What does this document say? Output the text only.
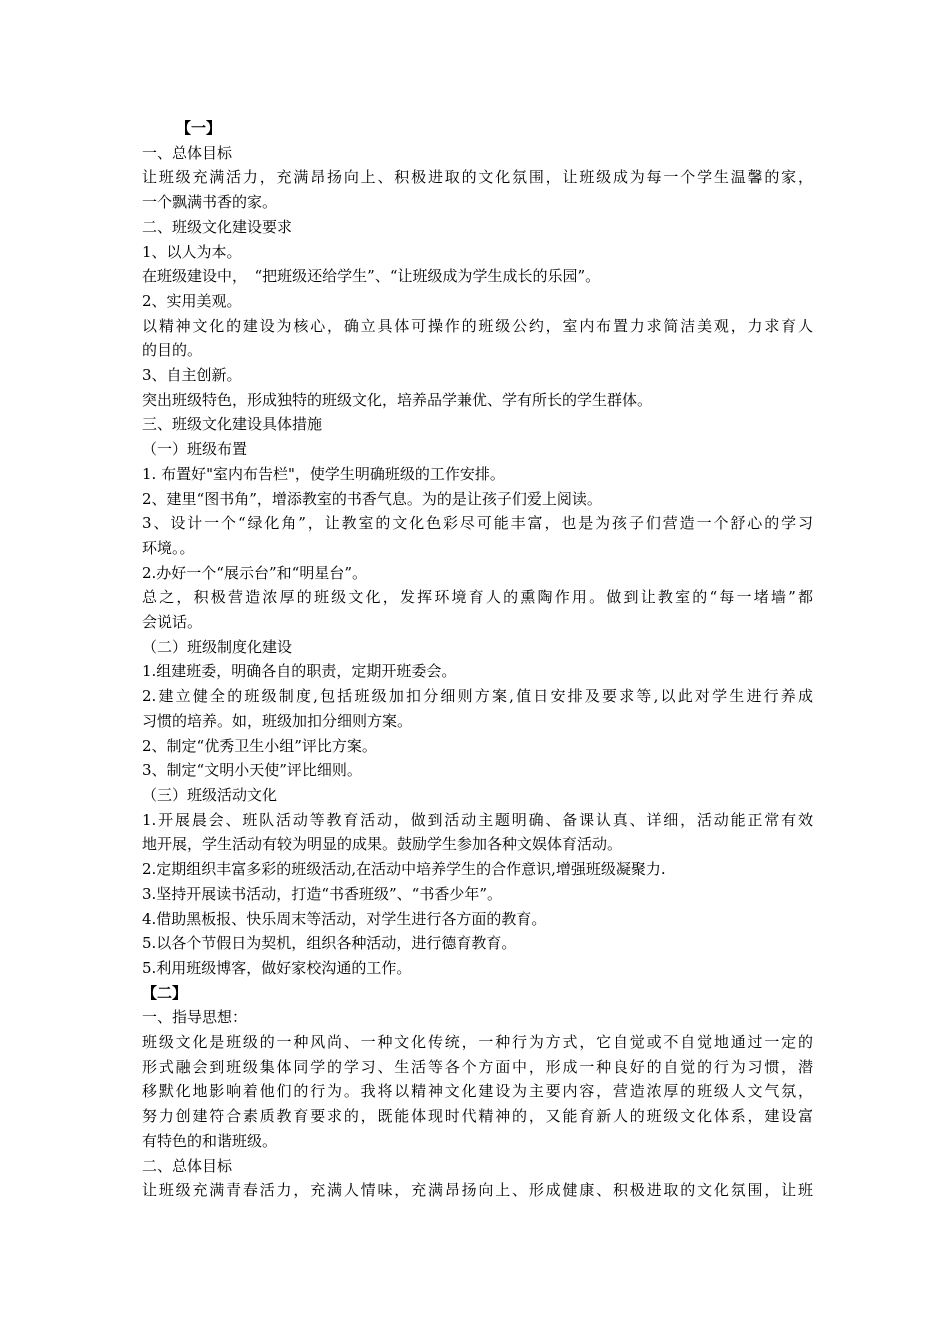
【一】

一、总体目标

让班级充满活力，充满昂扬向上、积极进取的文化氛围，让班级成为每一个学生温馨的家，

一个飘满书香的家。

二、班级文化建设要求

1、以人为本。

在班级建设中，　“把班级还给学生”、“让班级成为学生成长的乐园”。

2、实用美观。

以精神文化的建设为核心，确立具体可操作的班级公约，室内布置力求简洁美观，力求育人

的目的。

3、自主创新。

突出班级特色，形成独特的班级文化，培养品学兼优、学有所长的学生群体。

三、班级文化建设具体措施

（一）班级布置

1. 布置好"室内布告栏"，使学生明确班级的工作安排。

2、建里“图书角”，增添教室的书香气息。为的是让孩子们爱上阅读。

3、设计一个“绿化角”，让教室的文化色彩尽可能丰富，也是为孩子们营造一个舒心的学习

环境。。

2.办好一个“展示台”和“明星台”。

总之，积极营造浓厚的班级文化，发挥环境育人的熏陶作用。做到让教室的“每一堵墙”都

会说话。

（二）班级制度化建设

1.组建班委，明确各自的职责，定期开班委会。

2.建立健全的班级制度,包括班级加扣分细则方案,值日安排及要求等,以此对学生进行养成

习惯的培养。如，班级加扣分细则方案。

2、制定“优秀卫生小组”评比方案。

3、制定“文明小天使”评比细则。

（三）班级活动文化

1.开展晨会、班队活动等教育活动，做到活动主题明确、备课认真、详细，活动能正常有效

地开展，学生活动有较为明显的成果。鼓励学生参加各种文娱体育活动。

2.定期组织丰富多彩的班级活动,在活动中培养学生的合作意识,增强班级凝聚力.

3.坚持开展读书活动，打造“书香班级”、“书香少年”。

4.借助黑板报、快乐周末等活动，对学生进行各方面的教育。

5.以各个节假日为契机，组织各种活动，进行德育教育。

5.利用班级博客，做好家校沟通的工作。

【二】

一、指导思想：

班级文化是班级的一种风尚、一种文化传统，一种行为方式，它自觉或不自觉地通过一定的

形式融会到班级集体同学的学习、生活等各个方面中，形成一种良好的自觉的行为习惯，潜

移默化地影响着他们的行为。我将以精神文化建设为主要内容，营造浓厚的班级人文气氛，

努力创建符合素质教育要求的，既能体现时代精神的，又能育新人的班级文化体系，建设富

有特色的和谐班级。

二、总体目标

让班级充满青春活力，充满人情味，充满昂扬向上、形成健康、积极进取的文化氛围，让班
